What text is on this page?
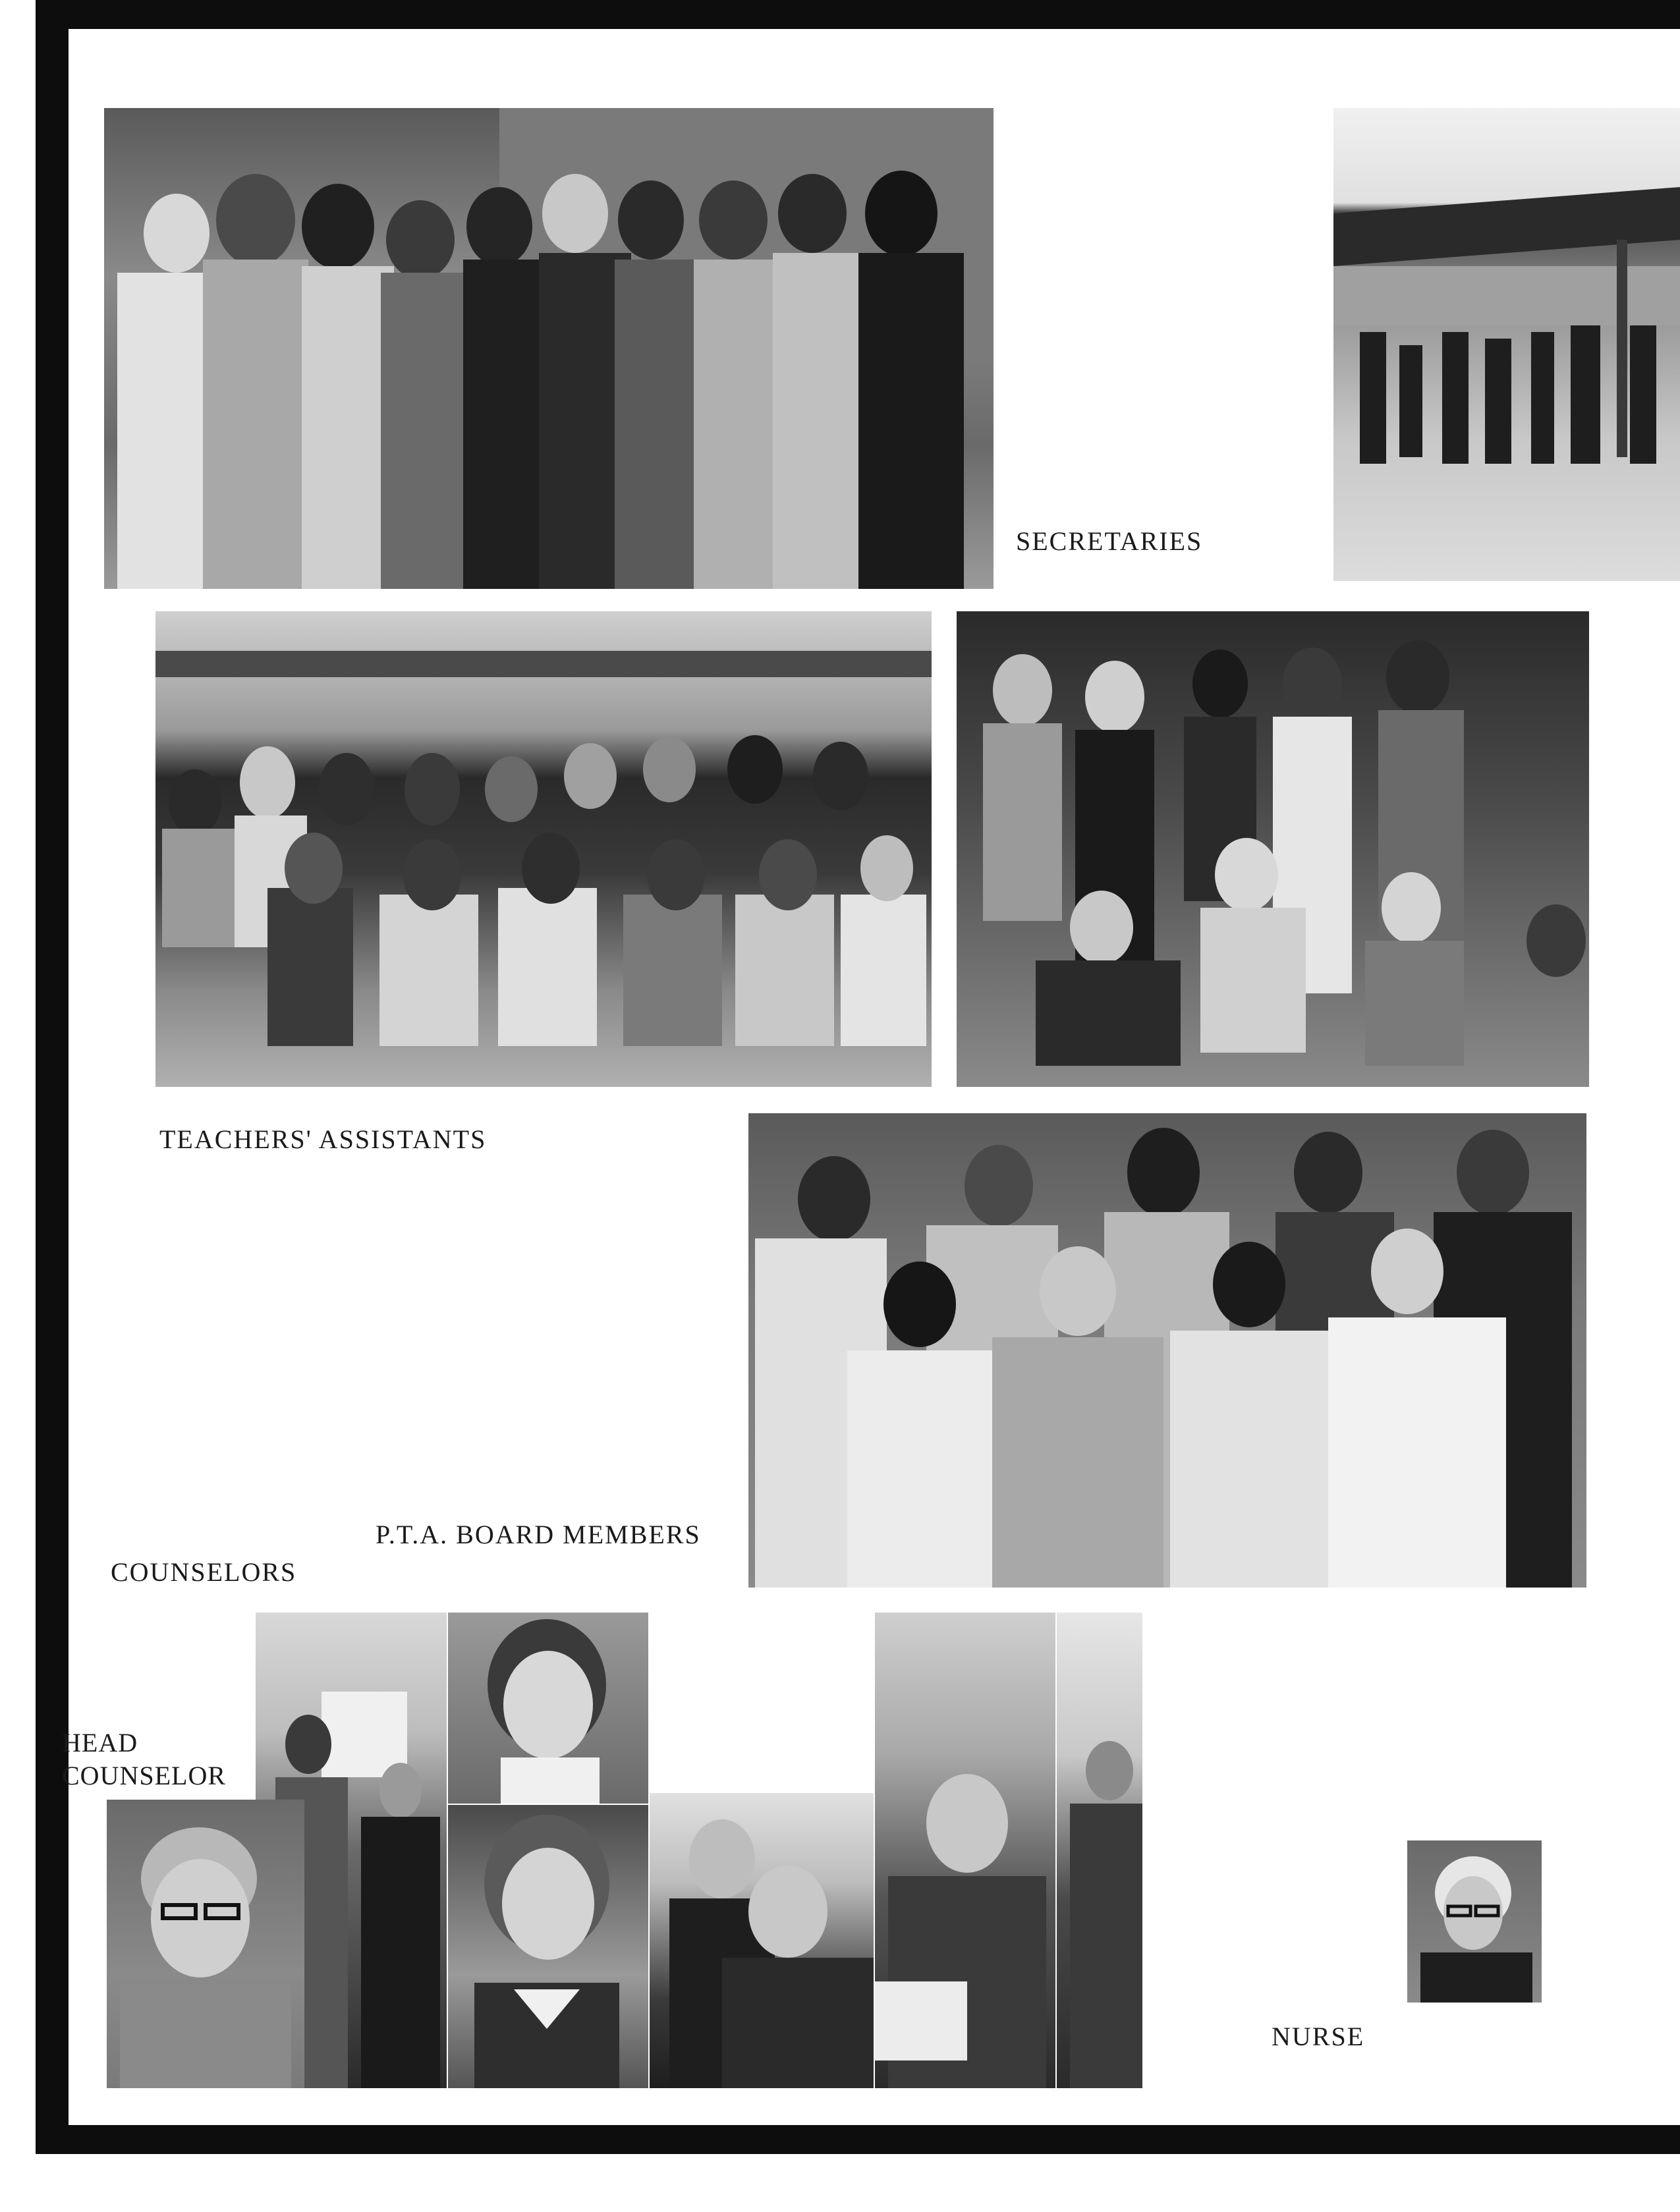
SECRETARIES
TEACHERS' ASSISTANTS
P.T.A. BOARD MEMBERS
COUNSELORS
HEAD
COUNSELOR
NURSE
